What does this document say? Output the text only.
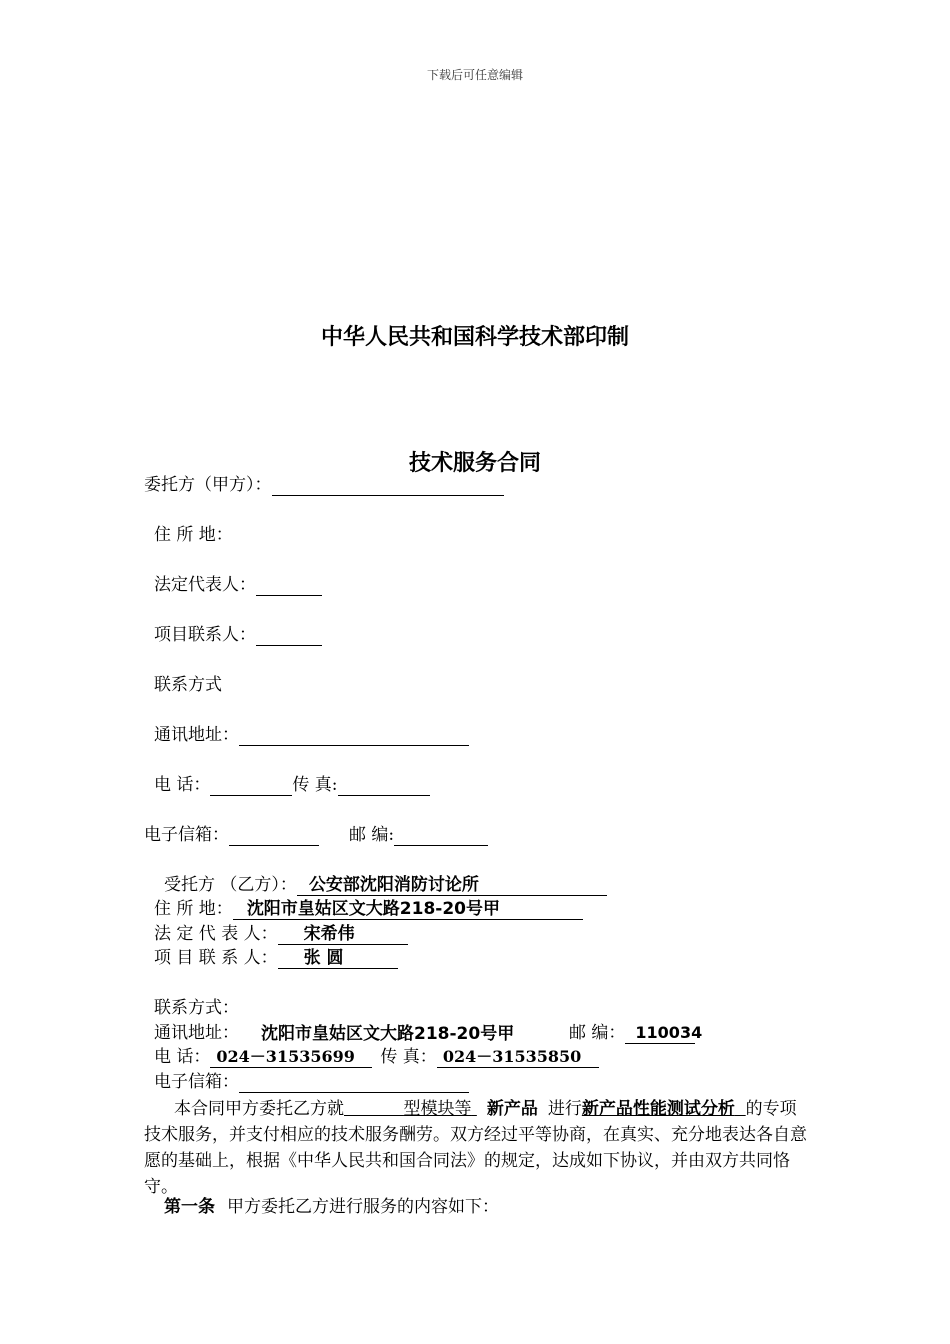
下载后可任意编辑
中华人民共和国科学技术部印制
技术服务合同
委托方（甲方）：
住 所 地：
法定代表人：
项目联系人：
联系方式
通讯地址：
电 话：	传 真:
电子信箱：	邮 编:
受托方 （乙方）： 公安部沈阳消防讨论所
住 所 地： 沈阳市皇姑区文大路218-20号甲
法 定 代 表 人： 宋希伟
项 目 联 系 人： 张 圆
联系方式：
通讯地址： 沈阳市皇姑区文大路218-20号甲	邮 编： 110034
电 话： 024－31535699 传 真： 024－31535850
电子信箱：
本合同甲方委托乙方就	型模块等 新产品 进行新产品性能测试分析 的专项技术服务，并支付相应的技术服务酬劳。双方经过平等协商，在真实、充分地表达各自意愿的基础上，根据《中华人民共和国合同法》的规定，达成如下协议，并由双方共同恪守。
第一条 甲方委托乙方进行服务的内容如下：
